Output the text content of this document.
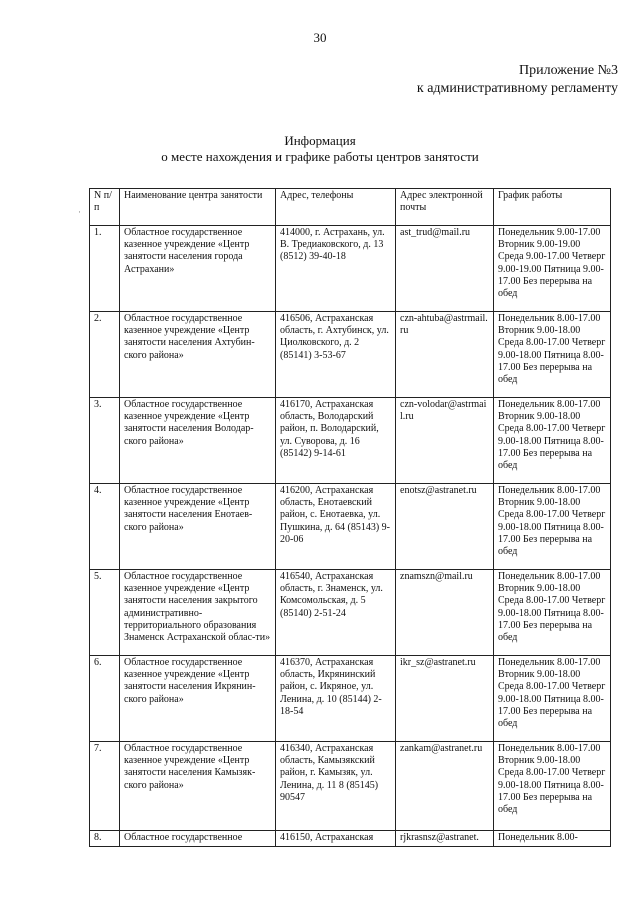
30
Приложение №3
к административному регламенту
Информация
о месте нахождения и графике работы центров занятости
·
N п/п	Наименование центра занятости	Адрес, телефоны	Адрес электронной почты	График работы
1.	Областное государственное казенное учреждение «Центр занятости населения города Астрахани»	414000, г. Астрахань, ул. В. Тредиаковского, д. 13 (8512) 39-40-18	ast_trud@mail.ru	Понедельник 9.00-17.00 Вторник 9.00-19.00 Среда 9.00-17.00 Четверг 9.00-19.00 Пятница 9.00-17.00 Без перерыва на обед
2.	Областное государственное казенное учреждение «Центр занятости населения Ахтубин-ского района»	416506, Астраханская область, г. Ахтубинск, ул. Циолковского, д. 2 (85141) 3-53-67	czn-ahtuba@astrmail.ru	Понедельник 8.00-17.00 Вторник 9.00-18.00 Среда 8.00-17.00 Четверг 9.00-18.00 Пятница 8.00-17.00 Без перерыва на обед
3.	Областное государственное казенное учреждение «Центр занятости населения Володар-ского района»	416170, Астраханская область, Володарский район, п. Володарский, ул. Суворова, д. 16 (85142) 9-14-61	czn-volodar@astrmail.ru	Понедельник 8.00-17.00 Вторник 9.00-18.00 Среда 8.00-17.00 Четверг 9.00-18.00 Пятница 8.00-17.00 Без перерыва на обед
4.	Областное государственное казенное учреждение «Центр занятости населения Енотаев-ского района»	416200, Астраханская область, Енотаевский район, с. Енотаевка, ул. Пушкина, д. 64 (85143) 9-20-06	enotsz@astranet.ru	Понедельник 8.00-17.00 Вторник 9.00-18.00 Среда 8.00-17.00 Четверг 9.00-18.00 Пятница 8.00-17.00 Без перерыва на обед
5.	Областное государственное казенное учреждение «Центр занятости населения закрытого административно-территориального образования Знаменск Астраханской облас-ти»	416540, Астраханская область, г. Знаменск, ул. Комсомольская, д. 5 (85140) 2-51-24	znamszn@mail.ru	Понедельник 8.00-17.00 Вторник 9.00-18.00 Среда 8.00-17.00 Четверг 9.00-18.00 Пятница 8.00-17.00 Без перерыва на обед
6.	Областное государственное казенное учреждение «Центр занятости населения Икрянин-ского района»	416370, Астраханская область, Икрянинский район, с. Икряное, ул. Ленина, д. 10 (85144) 2-18-54	ikr_sz@astranet.ru	Понедельник 8.00-17.00 Вторник 9.00-18.00 Среда 8.00-17.00 Четверг 9.00-18.00 Пятница 8.00-17.00 Без перерыва на обед
7.	Областное государственное казенное учреждение «Центр занятости населения Камызяк-ского района»	416340, Астраханская область, Камызякский район, г. Камызяк, ул. Ленина, д. 11 8 (85145) 90547	zankam@astranet.ru	Понедельник 8.00-17.00 Вторник 9.00-18.00 Среда 8.00-17.00 Четверг 9.00-18.00 Пятница 8.00-17.00 Без перерыва на обед
8.	Областное государственное	416150, Астраханская	rjkrasnsz@astranet.	Понедельник 8.00-
